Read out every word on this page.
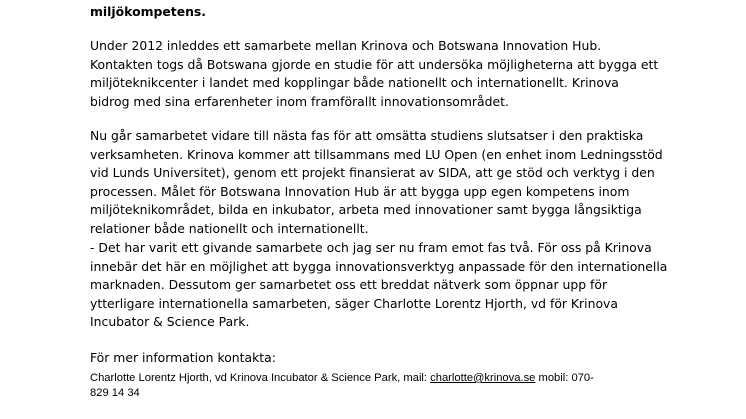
miljökompetens.

Under 2012 inleddes ett samarbete mellan Krinova och Botswana Innovation Hub.
Kontakten togs då Botswana gjorde en studie för att undersöka möjligheterna att bygga ett
miljöteknikcenter i landet med kopplingar både nationellt och internationellt. Krinova
bidrog med sina erfarenheter inom framförallt innovationsområdet.

Nu går samarbetet vidare till nästa fas för att omsätta studiens slutsatser i den praktiska
verksamheten. Krinova kommer att tillsammans med LU Open (en enhet inom Ledningsstöd
vid Lunds Universitet), genom ett projekt finansierat av SIDA, att ge stöd och verktyg i den
processen. Målet för Botswana Innovation Hub är att bygga upp egen kompetens inom
miljöteknikområdet, bilda en inkubator, arbeta med innovationer samt bygga långsiktiga
relationer både nationellt och internationellt.

- Det har varit ett givande samarbete och jag ser nu fram emot fas två. För oss på Krinova
innebär det här en möjlighet att bygga innovationsverktyg anpassade för den internationella
marknaden. Dessutom ger samarbetet oss ett breddat nätverk som öppnar upp för
ytterligare internationella samarbeten, säger Charlotte Lorentz Hjorth, vd för Krinova
Incubator & Science Park.

För mer information kontakta:

Charlotte Lorentz Hjorth, vd Krinova Incubator & Science Park, mail: charlotte@krinova.se mobil: 070-
829 14 34
